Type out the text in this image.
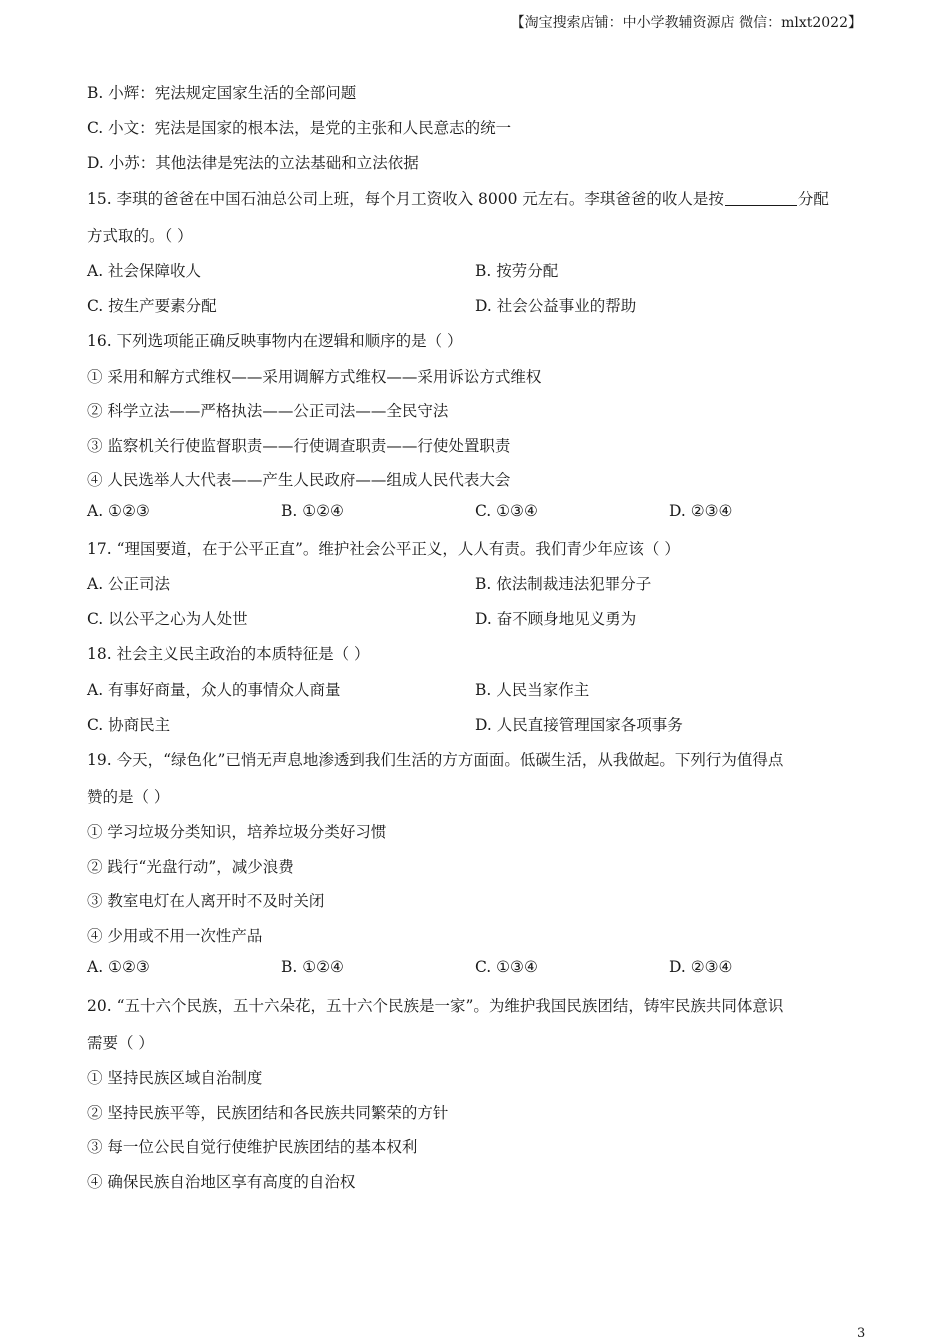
【淘宝搜索店铺：中小学教辅资源店 微信：mlxt2022】
B. 小辉：宪法规定国家生活的全部问题
C. 小文：宪法是国家的根本法，是党的主张和人民意志的统一
D. 小苏：其他法律是宪法的立法基础和立法依据
15. 李琪的爸爸在中国石油总公司上班，每个月工资收入 8000 元左右。李琪爸爸的收人是按	分配
方式取的。（ ）
A. 社会保障收人	B. 按劳分配
C. 按生产要素分配	D. 社会公益事业的帮助
16. 下列选项能正确反映事物内在逻辑和顺序的是（ ）
① 采用和解方式维权——采用调解方式维权——采用诉讼方式维权
② 科学立法——严格执法——公正司法——全民守法
③ 监察机关行使监督职责——行使调查职责——行使处置职责
④ 人民选举人大代表——产生人民政府——组成人民代表大会
A. ①②③	B. ①②④	C. ①③④	D. ②③④
17. “理国要道，在于公平正直”。维护社会公平正义，人人有责。我们青少年应该（ ）
A. 公正司法	B. 依法制裁违法犯罪分子
C. 以公平之心为人处世	D. 奋不顾身地见义勇为
18. 社会主义民主政治的本质特征是（ ）
A. 有事好商量，众人的事情众人商量	B. 人民当家作主
C. 协商民主	D. 人民直接管理国家各项事务
19. 今天，“绿色化”已悄无声息地渗透到我们生活的方方面面。低碳生活，从我做起。下列行为值得点
赞的是（ ）
① 学习垃圾分类知识，培养垃圾分类好习惯
② 践行“光盘行动”，减少浪费
③ 教室电灯在人离开时不及时关闭
④ 少用或不用一次性产品
A. ①②③	B. ①②④	C. ①③④	D. ②③④
20. “五十六个民族，五十六朵花，五十六个民族是一家”。为维护我国民族团结，铸牢民族共同体意识
需要（ ）
① 坚持民族区域自治制度
② 坚持民族平等，民族团结和各民族共同繁荣的方针
③ 每一位公民自觉行使维护民族团结的基本权利
④ 确保民族自治地区享有高度的自治权
3
